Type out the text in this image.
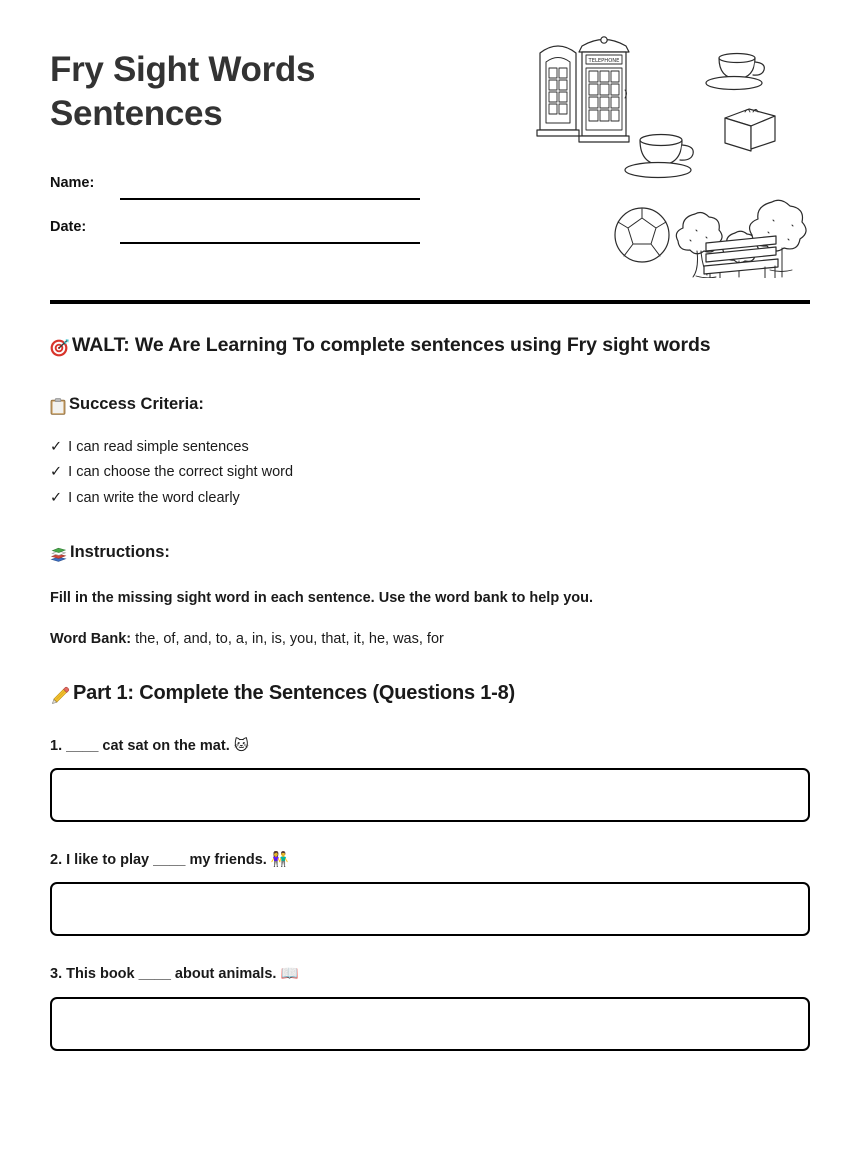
Fry Sight Words Sentences
Name:
Date:
TELEPHONE

WALT: We Are Learning To complete sentences using Fry sight words

Success Criteria:

✓ I can read simple sentences
✓ I can choose the correct sight word
✓ I can write the word clearly

Instructions:

Fill in the missing sight word in each sentence. Use the word bank to help you.

Word Bank: the, of, and, to, a, in, is, you, that, it, he, was, for

Part 1: Complete the Sentences (Questions 1-8)

1. ____ cat sat on the mat. 🐱

2. I like to play ____ my friends. 👫

3. This book ____ about animals. 📖
